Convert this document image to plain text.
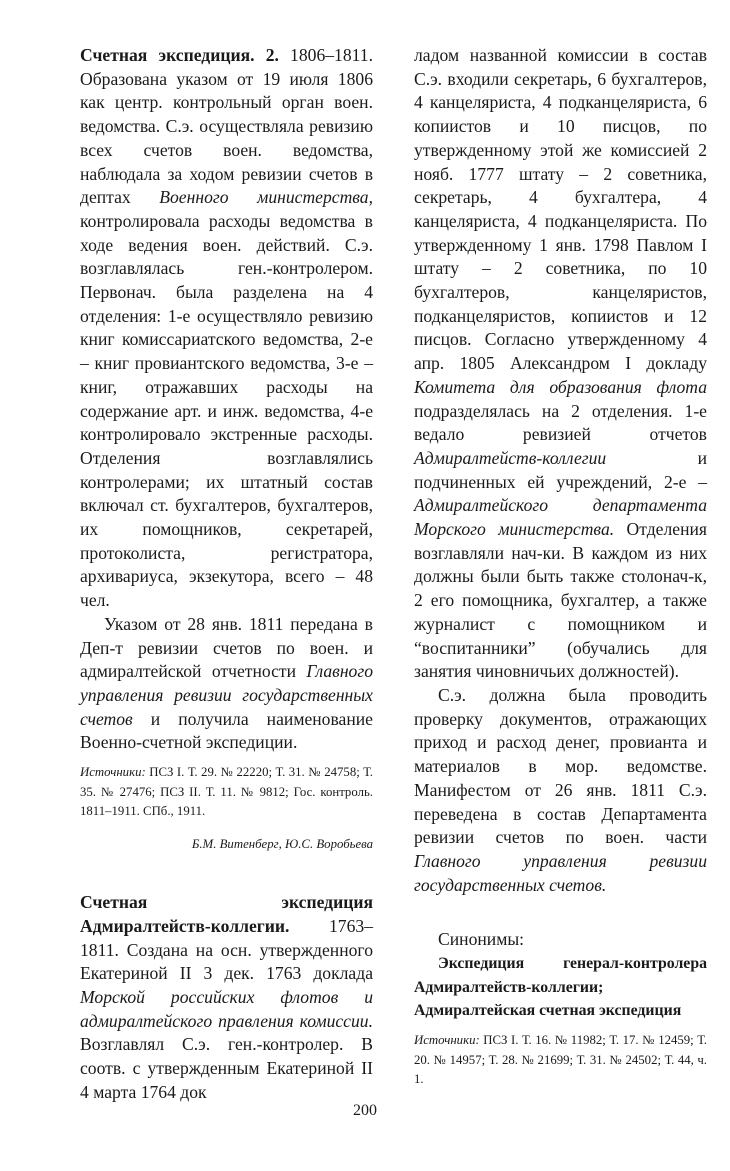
Счетная экспедиция. 2. 1806–1811. Образована указом от 19 июля 1806 как центр. контрольный орган воен. ведомства. С.э. осуществляла ревизию всех счетов воен. ведомства, наблюдала за ходом ревизии счетов в дептах Военного министерства, контролировала расходы ведомства в ходе ведения воен. действий. С.э. возглавлялась ген.-контролером. Первонач. была разделена на 4 отделения: 1-е осуществляло ревизию книг комиссариатского ведомства, 2-е – книг провиантского ведомства, 3-е – книг, отражавших расходы на содержание арт. и инж. ведомства, 4-е контролировало экстренные расходы. Отделения возглавлялись контролерами; их штатный состав включал ст. бухгалтеров, бухгалтеров, их помощников, секретарей, протоколиста, регистратора, архивариуса, экзекутора, всего – 48 чел.

Указом от 28 янв. 1811 передана в Деп-т ревизии счетов по воен. и адмиралтейской отчетности Главного управления ревизии государственных счетов и получила наименование Военно-счетной экспедиции.

Источники: ПСЗ I. Т. 29. № 22220; Т. 31. № 24758; Т. 35. № 27476; ПСЗ II. Т. 11. № 9812; Гос. контроль. 1811–1911. СПб., 1911.

Б.М. Витенберг, Ю.С. Воробьева

Счетная экспедиция Адмиралтейств-коллегии. 1763–1811. Создана на осн. утвержденного Екатериной II 3 дек. 1763 доклада Морской российских флотов и адмиралтейского правления комиссии. Возглавлял С.э. ген.-контролер. В соотв. с утвержденным Екатериной II 4 марта 1764 док

ладом названной комиссии в состав С.э. входили секретарь, 6 бухгалтеров, 4 канцеляриста, 4 подканцеляриста, 6 копиистов и 10 писцов, по утвержденному этой же комиссией 2 нояб. 1777 штату – 2 советника, секретарь, 4 бухгалтера, 4 канцеляриста, 4 подканцеляриста. По утвержденному 1 янв. 1798 Павлом I штату – 2 советника, по 10 бухгалтеров, канцеляристов, подканцеляристов, копиистов и 12 писцов. Согласно утвержденному 4 апр. 1805 Александром I докладу Комитета для образования флота подразделялась на 2 отделения. 1-е ведало ревизией отчетов Адмиралтейств-коллегии и подчиненных ей учреждений, 2-е – Адмиралтейского департамента Морского министерства. Отделения возглавляли нач-ки. В каждом из них должны были быть также столонач-к, 2 его помощника, бухгалтер, а также журналист с помощником и “воспитанники” (обучались для занятия чиновничьих должностей).

С.э. должна была проводить проверку документов, отражающих приход и расход денег, провианта и материалов в мор. ведомстве. Манифестом от 26 янв. 1811 С.э. переведена в состав Департамента ревизии счетов по воен. части Главного управления ревизии государственных счетов.

Синонимы:

Экспедиция генерал-контролера Адмиралтейств-коллегии; Адмиралтейская счетная экспедиция

Источники: ПСЗ I. Т. 16. № 11982; Т. 17. № 12459; Т. 20. № 14957; Т. 28. № 21699; Т. 31. № 24502; Т. 44, ч. 1.

200
